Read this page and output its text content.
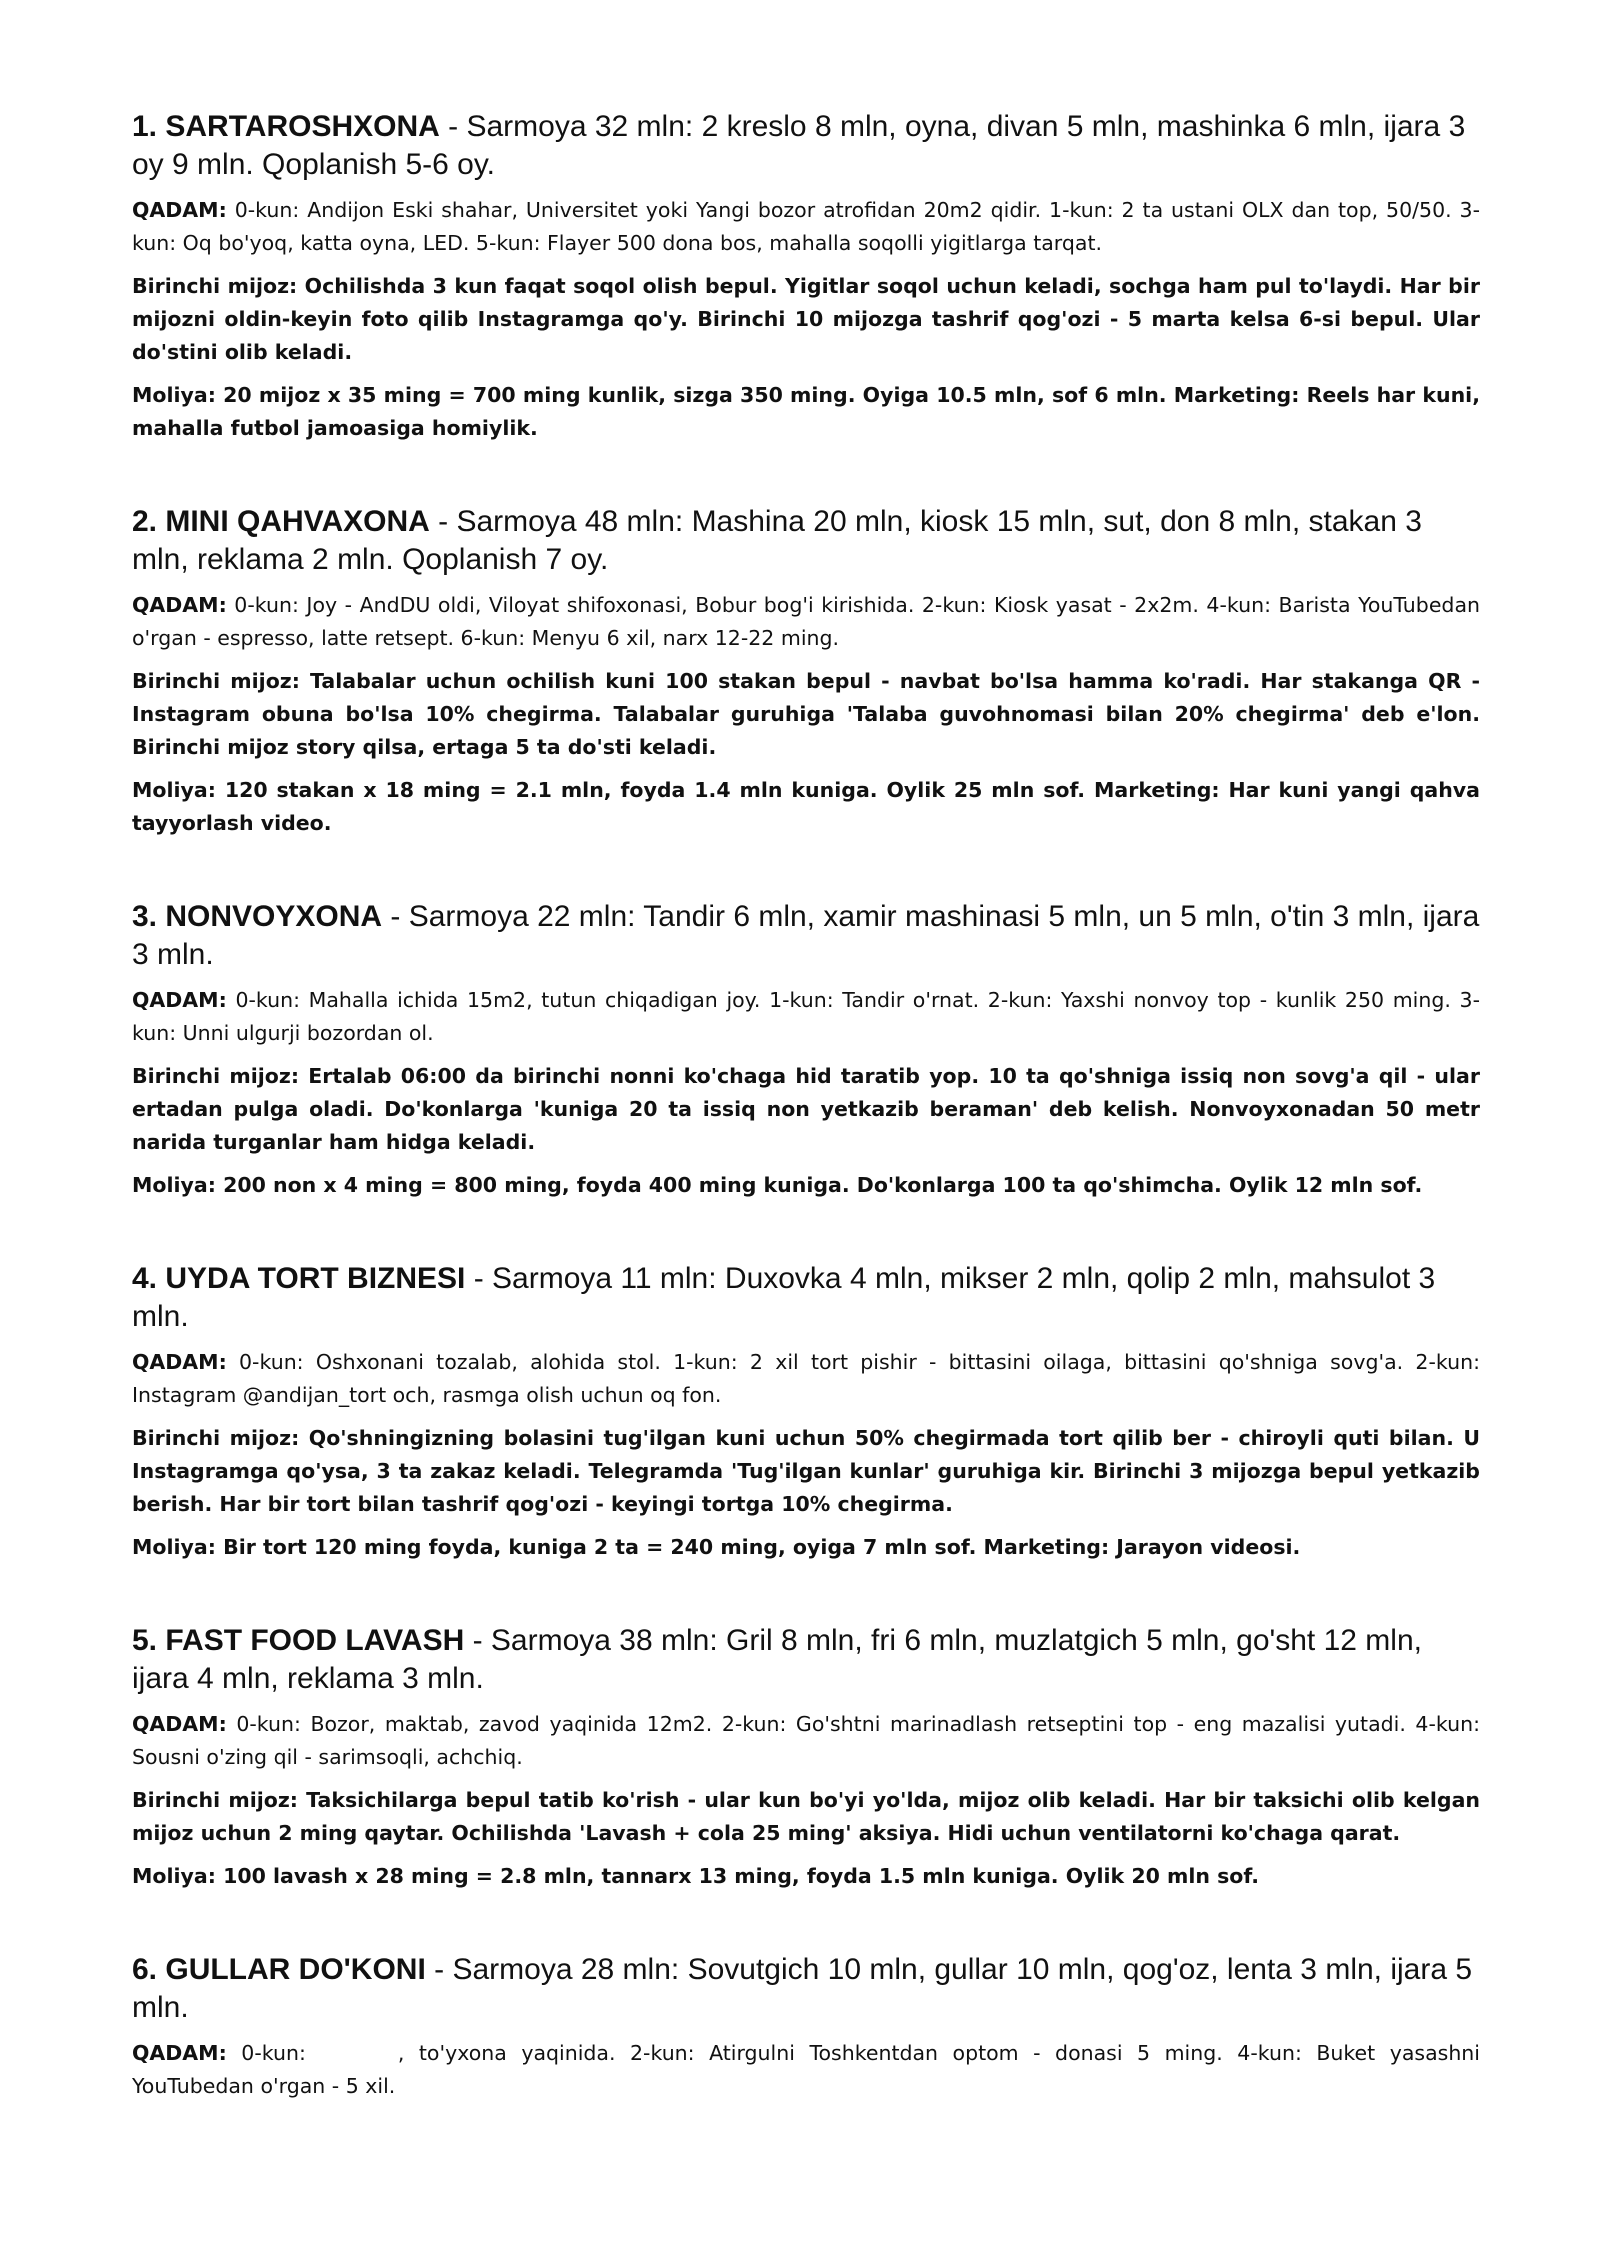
1. SARTAROSHXONA - Sarmoya 32 mln: 2 kreslo 8 mln, oyna, divan 5 mln, mashinka 6 mln, ijara 3 oy 9 mln. Qoplanish 5-6 oy.

QADAM: 0-kun: Andijon Eski shahar, Universitet yoki Yangi bozor atrofidan 20m2 qidir. 1-kun: 2 ta ustani OLX dan top, 50/50. 3-kun: Oq bo'yoq, katta oyna, LED. 5-kun: Flayer 500 dona bos, mahalla soqolli yigitlarga tarqat.

Birinchi mijoz: Ochilishda 3 kun faqat soqol olish bepul. Yigitlar soqol uchun keladi, sochga ham pul to'laydi. Har bir mijozni oldin-keyin foto qilib Instagramga qo'y. Birinchi 10 mijozga tashrif qog'ozi - 5 marta kelsa 6-si bepul. Ular do'stini olib keladi.

Moliya: 20 mijoz x 35 ming = 700 ming kunlik, sizga 350 ming. Oyiga 10.5 mln, sof 6 mln. Marketing: Reels har kuni, mahalla futbol jamoasiga homiylik.

2. MINI QAHVAXONA - Sarmoya 48 mln: Mashina 20 mln, kiosk 15 mln, sut, don 8 mln, stakan 3 mln, reklama 2 mln. Qoplanish 7 oy.

QADAM: 0-kun: Joy - AndDU oldi, Viloyat shifoxonasi, Bobur bog'i kirishida. 2-kun: Kiosk yasat - 2x2m. 4-kun: Barista YouTubedan o'rgan - espresso, latte retsept. 6-kun: Menyu 6 xil, narx 12-22 ming.

Birinchi mijoz: Talabalar uchun ochilish kuni 100 stakan bepul - navbat bo'lsa hamma ko'radi. Har stakanga QR - Instagram obuna bo'lsa 10% chegirma. Talabalar guruhiga 'Talaba guvohnomasi bilan 20% chegirma' deb e'lon. Birinchi mijoz story qilsa, ertaga 5 ta do'sti keladi.

Moliya: 120 stakan x 18 ming = 2.1 mln, foyda 1.4 mln kuniga. Oylik 25 mln sof. Marketing: Har kuni yangi qahva tayyorlash video.

3. NONVOYXONA - Sarmoya 22 mln: Tandir 6 mln, xamir mashinasi 5 mln, un 5 mln, o'tin 3 mln, ijara 3 mln.

QADAM: 0-kun: Mahalla ichida 15m2, tutun chiqadigan joy. 1-kun: Tandir o'rnat. 2-kun: Yaxshi nonvoy top - kunlik 250 ming. 3-kun: Unni ulgurji bozordan ol.

Birinchi mijoz: Ertalab 06:00 da birinchi nonni ko'chaga hid taratib yop. 10 ta qo'shniga issiq non sovg'a qil - ular ertadan pulga oladi. Do'konlarga 'kuniga 20 ta issiq non yetkazib beraman' deb kelish. Nonvoyxonadan 50 metr narida turganlar ham hidga keladi.

Moliya: 200 non x 4 ming = 800 ming, foyda 400 ming kuniga. Do'konlarga 100 ta qo'shimcha. Oylik 12 mln sof.

4. UYDA TORT BIZNESI - Sarmoya 11 mln: Duxovka 4 mln, mikser 2 mln, qolip 2 mln, mahsulot 3 mln.

QADAM: 0-kun: Oshxonani tozalab, alohida stol. 1-kun: 2 xil tort pishir - bittasini oilaga, bittasini qo'shniga sovg'a. 2-kun: Instagram @andijan_tort och, rasmga olish uchun oq fon.

Birinchi mijoz: Qo'shningizning bolasini tug'ilgan kuni uchun 50% chegirmada tort qilib ber - chiroyli quti bilan. U Instagramga qo'ysa, 3 ta zakaz keladi. Telegramda 'Tug'ilgan kunlar' guruhiga kir. Birinchi 3 mijozga bepul yetkazib berish. Har bir tort bilan tashrif qog'ozi - keyingi tortga 10% chegirma.

Moliya: Bir tort 120 ming foyda, kuniga 2 ta = 240 ming, oyiga 7 mln sof. Marketing: Jarayon videosi.

5. FAST FOOD LAVASH - Sarmoya 38 mln: Gril 8 mln, fri 6 mln, muzlatgich 5 mln, go'sht 12 mln, ijara 4 mln, reklama 3 mln.

QADAM: 0-kun: Bozor, maktab, zavod yaqinida 12m2. 2-kun: Go'shtni marinadlash retseptini top - eng mazalisi yutadi. 4-kun: Sousni o'zing qil - sarimsoqli, achchiq.

Birinchi mijoz: Taksichilarga bepul tatib ko'rish - ular kun bo'yi yo'lda, mijoz olib keladi. Har bir taksichi olib kelgan mijoz uchun 2 ming qaytar. Ochilishda 'Lavash + cola 25 ming' aksiya. Hidi uchun ventilatorni ko'chaga qarat.

Moliya: 100 lavash x 28 ming = 2.8 mln, tannarx 13 ming, foyda 1.5 mln kuniga. Oylik 20 mln sof.

6. GULLAR DO'KONI - Sarmoya 28 mln: Sovutgich 10 mln, gullar 10 mln, qog'oz, lenta 3 mln, ijara 5 mln.

QADAM: 0-kun:	, to'yxona yaqinida. 2-kun: Atirgulni Toshkentdan optom - donasi 5 ming. 4-kun: Buket yasashni YouTubedan o'rgan - 5 xil.
